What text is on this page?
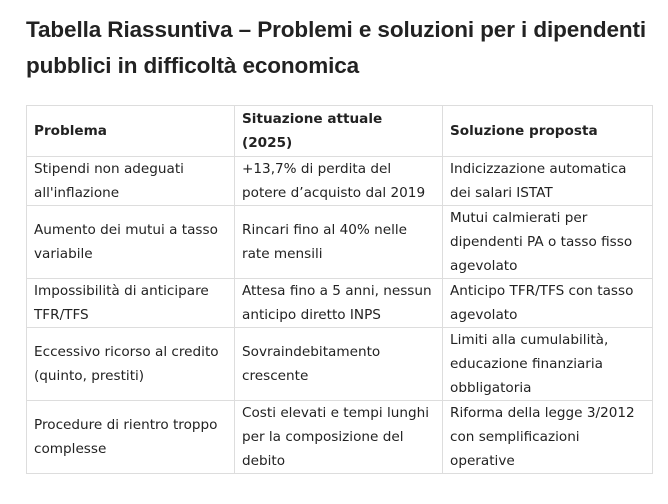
Tabella Riassuntiva – Problemi e soluzioni per i dipendenti pubblici in difficoltà economica
Problema	Situazione attuale (2025)	Soluzione proposta
Stipendi non adeguati all'inflazione	+13,7% di perdita del potere d’acquisto dal 2019	Indicizzazione automatica dei salari ISTAT
Aumento dei mutui a tasso variabile	Rincari fino al 40% nelle rate mensili	Mutui calmierati per dipendenti PA o tasso fisso agevolato
Impossibilità di anticipare TFR/TFS	Attesa fino a 5 anni, nessun anticipo diretto INPS	Anticipo TFR/TFS con tasso agevolato
Eccessivo ricorso al credito (quinto, prestiti)	Sovraindebitamento crescente	Limiti alla cumulabilità, educazione finanziaria obbligatoria
Procedure di rientro troppo complesse	Costi elevati e tempi lunghi per la composizione del debito	Riforma della legge 3/2012 con semplificazioni operative
